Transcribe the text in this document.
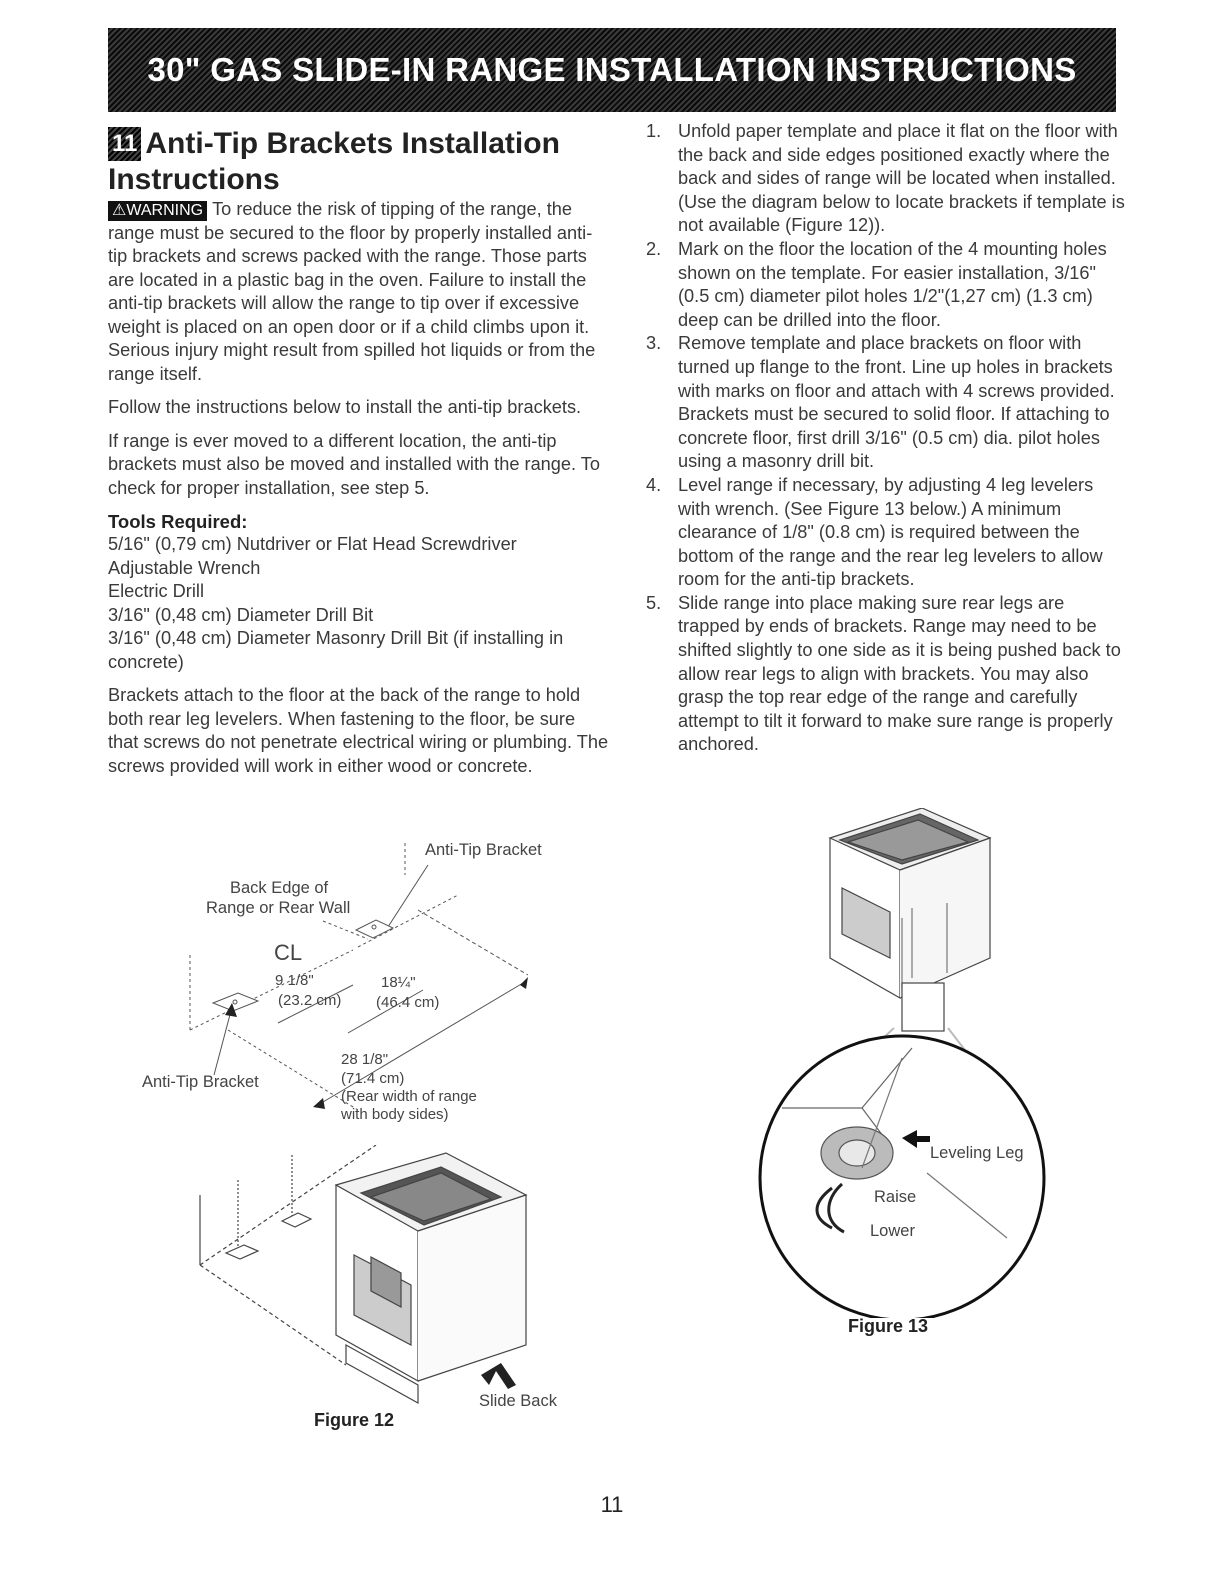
30" GAS SLIDE-IN RANGE INSTALLATION INSTRUCTIONS
11 Anti-Tip Brackets Installation
Instructions

⚠WARNING To reduce the risk of tipping of the range, the range must be secured to the floor by properly installed anti-tip brackets and screws packed with the range. Those parts are located in a plastic bag in the oven. Failure to install the anti-tip brackets will allow the range to tip over if excessive weight is placed on an open door or if a child climbs upon it. Serious injury might result from spilled hot liquids or from the range itself.

Follow the instructions below to install the anti-tip brackets.

If range is ever moved to a different location, the anti-tip brackets must also be moved and installed with the range. To check for proper installation, see step 5.

Tools Required:

5/16" (0,79 cm) Nutdriver or Flat Head Screwdriver
Adjustable Wrench
Electric Drill
3/16" (0,48 cm) Diameter Drill Bit
3/16" (0,48 cm) Diameter Masonry Drill Bit (if installing in concrete)

Brackets attach to the floor at the back of the range to hold both rear leg levelers. When fastening to the floor, be sure that screws do not penetrate electrical wiring or plumbing. The screws provided will work in either wood or concrete.

1. Unfold paper template and place it flat on the floor with the back and side edges positioned exactly where the back and sides of range will be located when installed. (Use the diagram below to locate brackets if template is not available (Figure 12)).
2. Mark on the floor the location of the 4 mounting holes shown on the template. For easier installation, 3/16" (0.5 cm) diameter pilot holes 1/2"(1,27 cm) (1.3 cm) deep can be drilled into the floor.
3. Remove template and place brackets on floor with turned up flange to the front. Line up holes in brackets with marks on floor and attach with 4 screws provided. Brackets must be secured to solid floor. If attaching to concrete floor, first drill 3/16" (0.5 cm) dia. pilot holes using a masonry drill bit.
4. Level range if necessary, by adjusting 4 leg levelers with wrench. (See Figure 13 below.) A minimum clearance of 1/8" (0.8 cm) is required between the bottom of the range and the rear leg levelers to allow room for the anti-tip brackets.
5. Slide range into place making sure rear legs are trapped by ends of brackets. Range may need to be shifted slightly to one side as it is being pushed back to allow rear legs to align with brackets. You may also grasp the top rear edge of the range and carefully attempt to tilt it forward to make sure range is properly anchored.
Anti-Tip Bracket
Back Edge of
Range or Rear Wall
CL
9 1/8"
(23.2 cm)
18¼"
(46.4 cm)
28 1/8"
(71.4 cm)
(Rear width of range
with body sides)
Anti-Tip Bracket
Slide Back
Figure 12
Leveling Leg
Raise
Lower
Figure 13
11
